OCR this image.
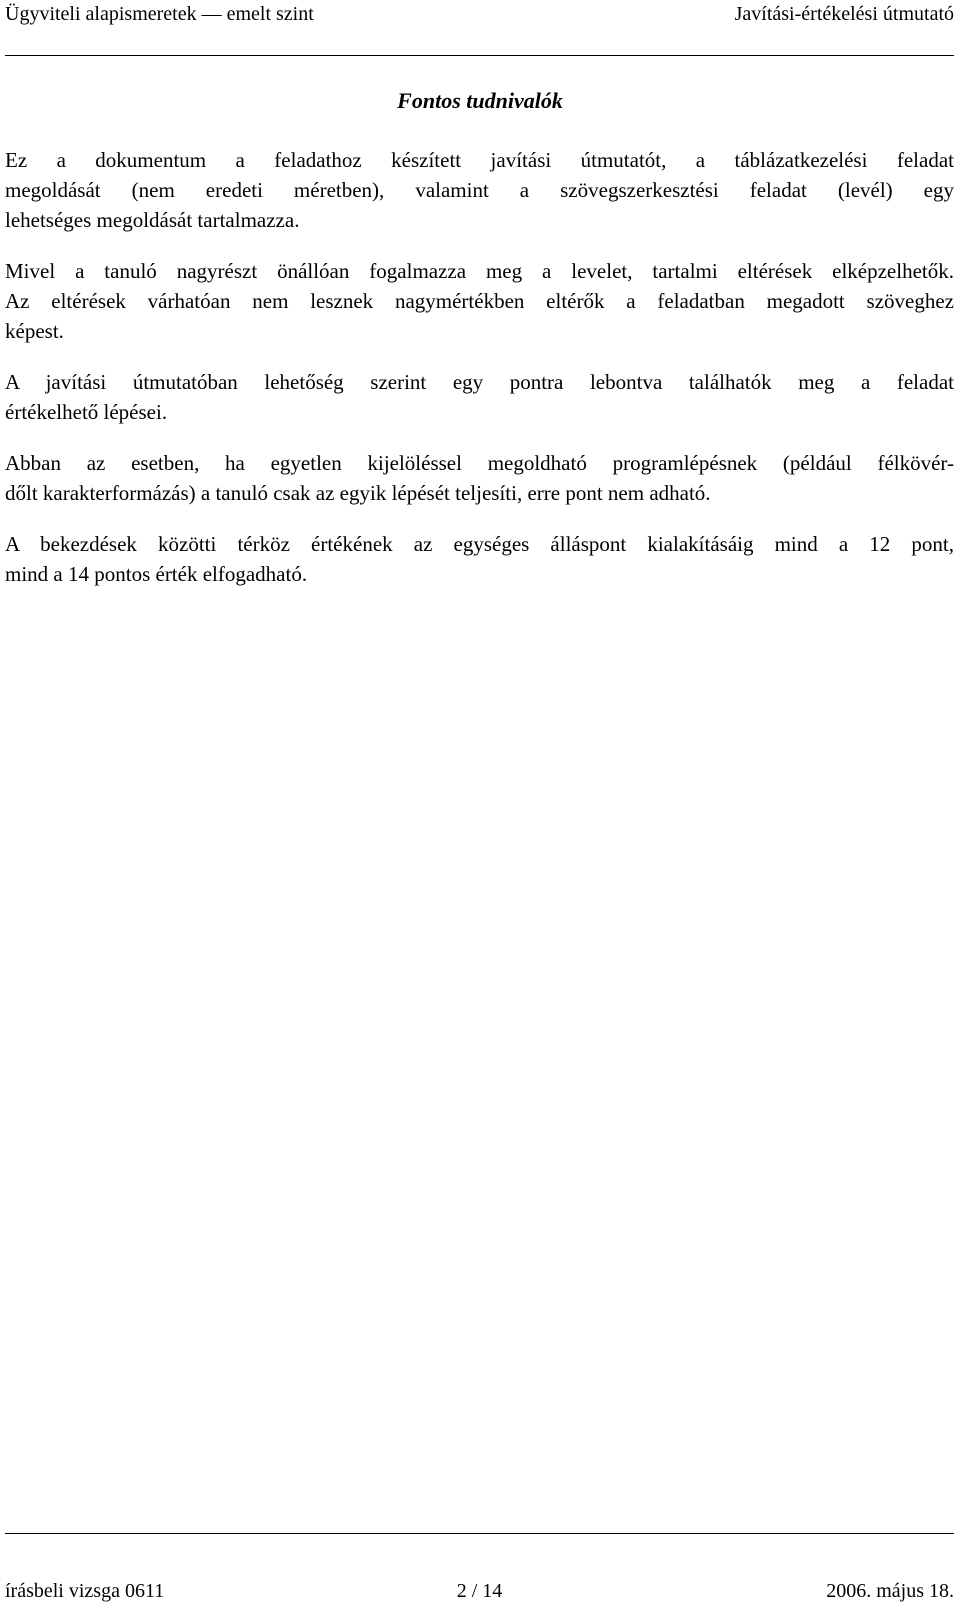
Ügyviteli alapismeretek — emelt szint	Javítási-értékelési útmutató
Fontos tudnivalók

Ez a dokumentum a feladathoz készített javítási útmutatót, a táblázatkezelési feladat
megoldását (nem eredeti méretben), valamint a szövegszerkesztési feladat (levél) egy
lehetséges megoldását tartalmazza.

Mivel a tanuló nagyrészt önállóan fogalmazza meg a levelet, tartalmi eltérések elképzelhetők.
Az eltérések várhatóan nem lesznek nagymértékben eltérők a feladatban megadott szöveghez
képest.

A javítási útmutatóban lehetőség szerint egy pontra lebontva találhatók meg a feladat
értékelhető lépései.

Abban az esetben, ha egyetlen kijelöléssel megoldható programlépésnek (például félkövér-
dőlt karakterformázás) a tanuló csak az egyik lépését teljesíti, erre pont nem adható.

A bekezdések közötti térköz értékének az egységes álláspont kialakításáig mind a 12 pont,
mind a 14 pontos érték elfogadható.

írásbeli vizsga 0611	2 / 14	2006. május 18.
